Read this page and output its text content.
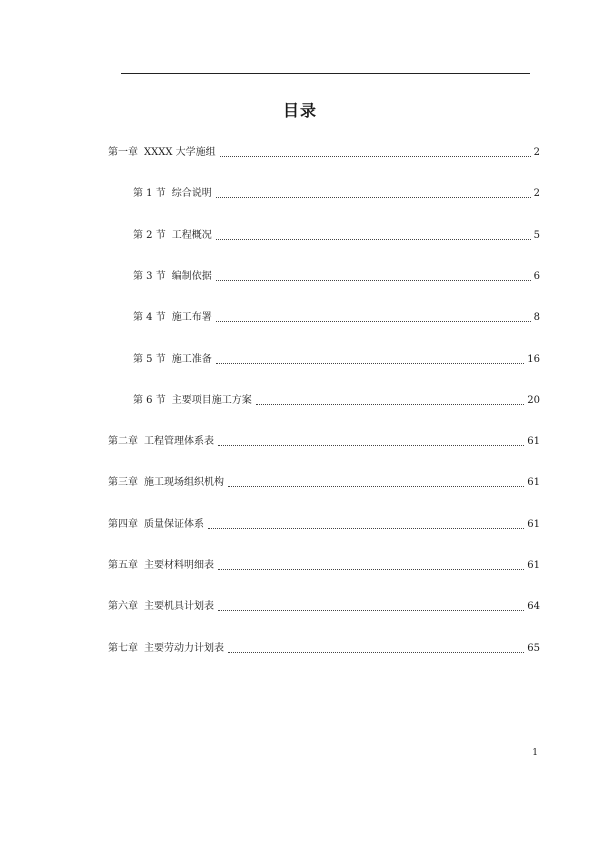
目录
第一章 XXXX 大学施组	2
第 1 节 综合说明	2
第 2 节 工程概况	5
第 3 节 编制依据	6
第 4 节 施工布署	8
第 5 节 施工准备	16
第 6 节 主要项目施工方案	20
第二章 工程管理体系表	61
第三章 施工现场组织机构	61
第四章 质量保证体系	61
第五章 主要材料明细表	61
第六章 主要机具计划表	64
第七章 主要劳动力计划表	65
1
